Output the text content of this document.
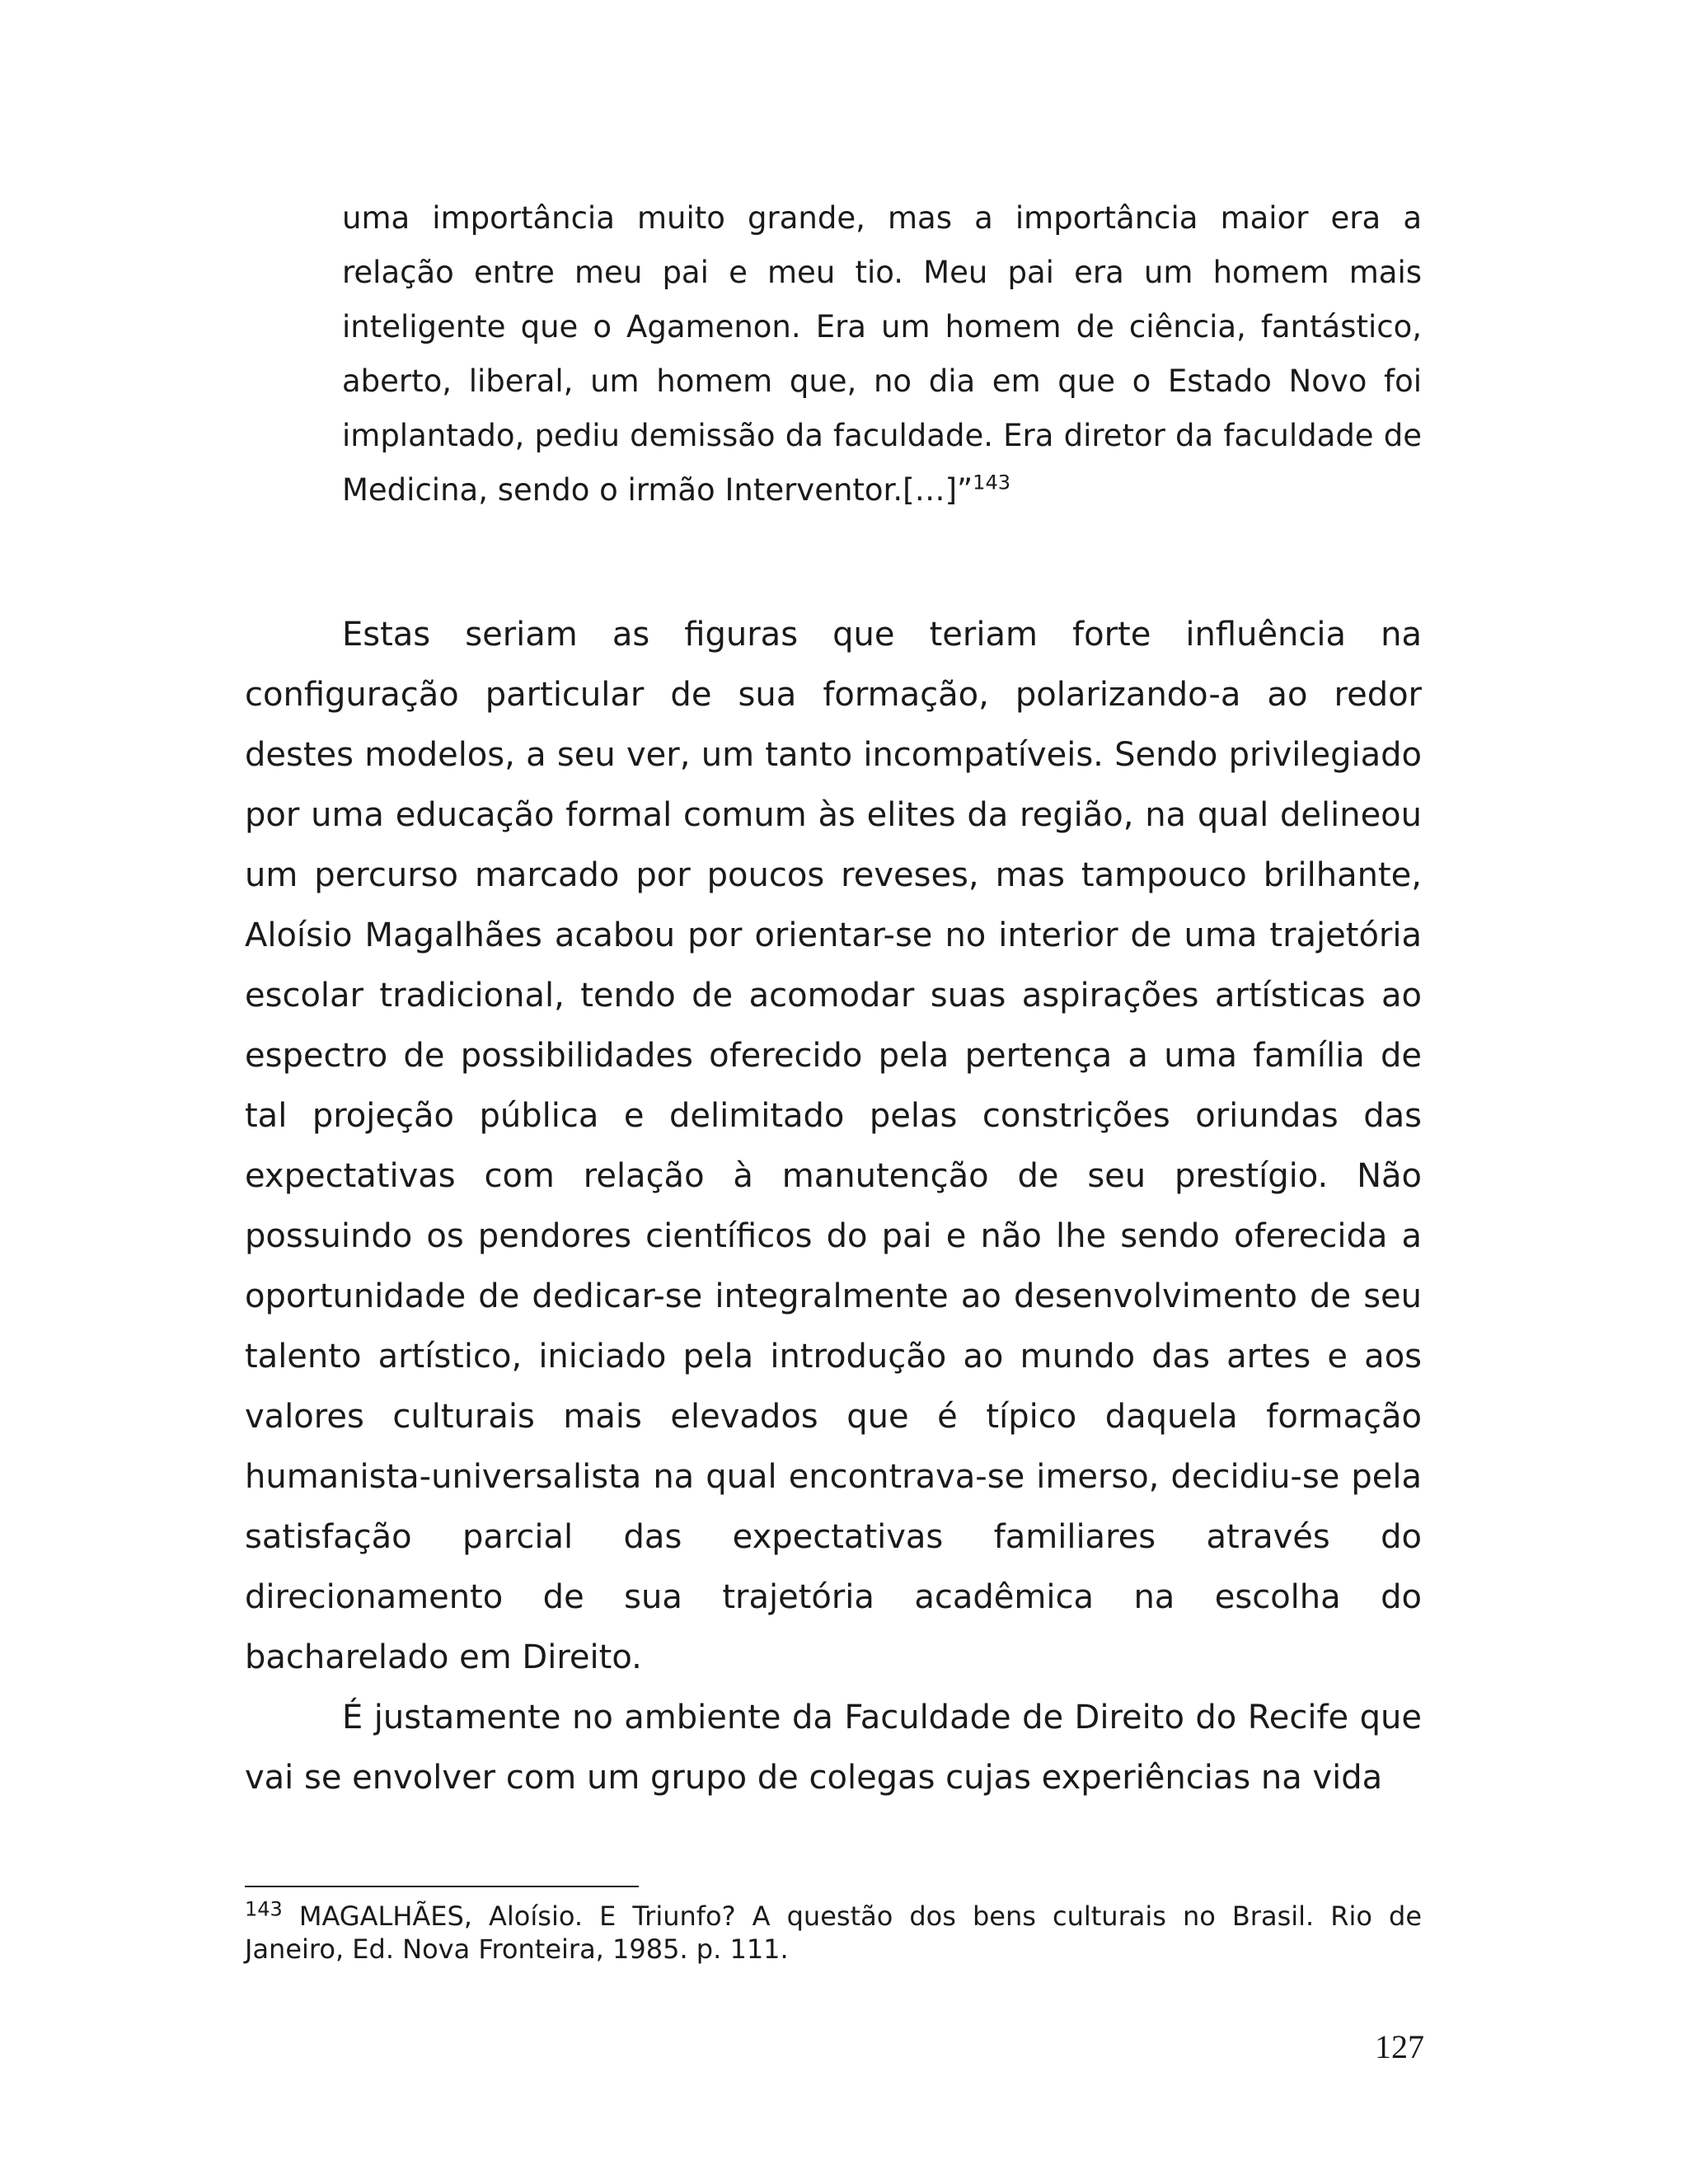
uma importância muito grande, mas a importância maior era a relação entre meu pai e meu tio. Meu pai era um homem mais inteligente que o Agamenon. Era um homem de ciência, fantástico, aberto, liberal, um homem que, no dia em que o Estado Novo foi implantado, pediu demissão da faculdade. Era diretor da faculdade de Medicina, sendo o irmão Interventor.[…]”$^{143}$

Estas seriam as figuras que teriam forte influência na configuração particular de sua formação, polarizando-a ao redor destes modelos, a seu ver, um tanto incompatíveis. Sendo privilegiado por uma educação formal comum às elites da região, na qual delineou um percurso marcado por poucos reveses, mas tampouco brilhante, Aloísio Magalhães acabou por orientar-se no interior de uma trajetória escolar tradicional, tendo de acomodar suas aspirações artísticas ao espectro de possibilidades oferecido pela pertença a uma família de tal projeção pública e delimitado pelas constrições oriundas das expectativas com relação à manutenção de seu prestígio. Não possuindo os pendores científicos do pai e não lhe sendo oferecida a oportunidade de dedicar-se integralmente ao desenvolvimento de seu talento artístico, iniciado pela introdução ao mundo das artes e aos valores culturais mais elevados que é típico daquela formação humanista-universalista na qual encontrava-se imerso, decidiu-se pela satisfação parcial das expectativas familiares através do direcionamento de sua trajetória acadêmica na escolha do bacharelado em Direito.

É justamente no ambiente da Faculdade de Direito do Recife que vai se envolver com um grupo de colegas cujas experiências na vida

$^{143}$ MAGALHÃES, Aloísio. E Triunfo? A questão dos bens culturais no Brasil. Rio de Janeiro, Ed. Nova Fronteira, 1985. p. 111.

127
